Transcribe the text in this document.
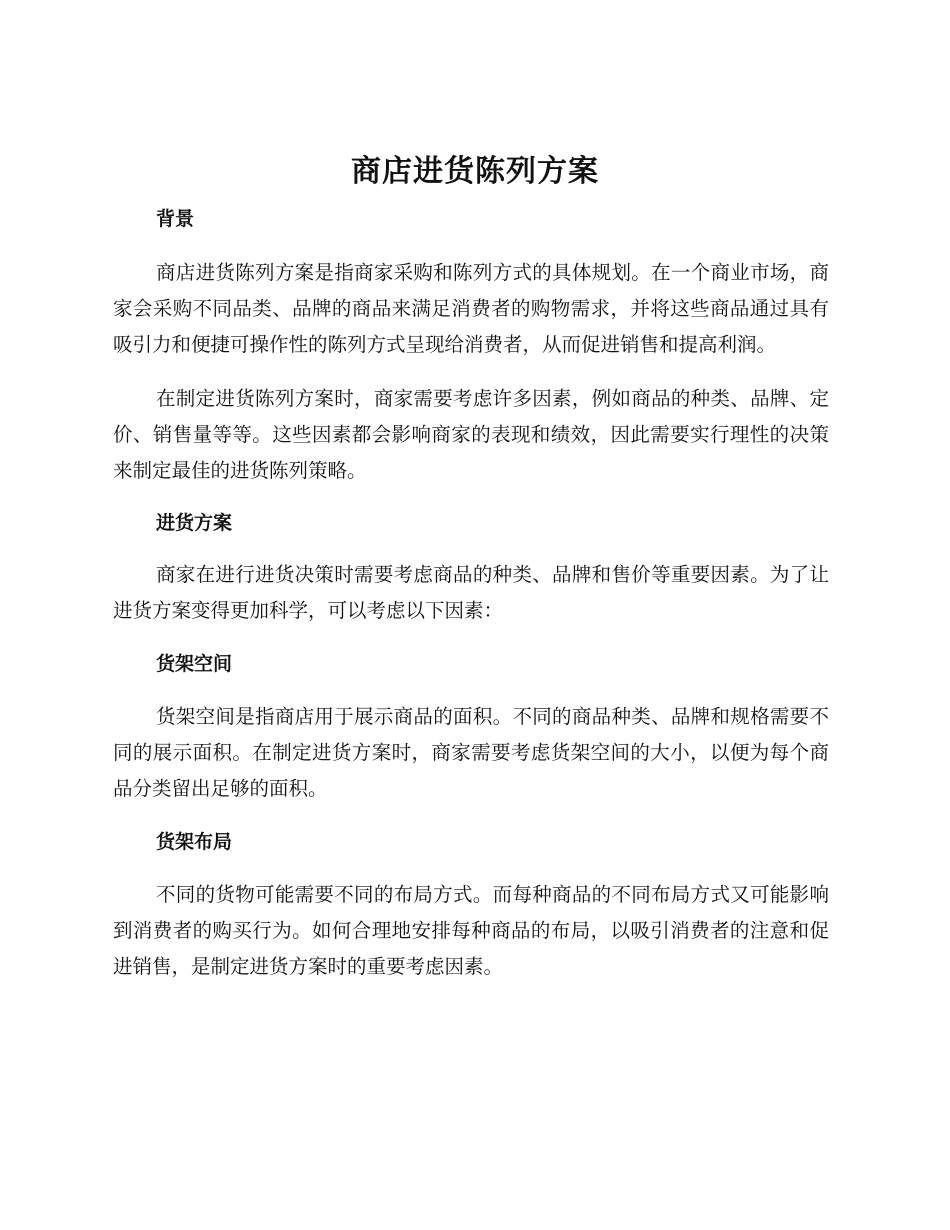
商店进货陈列方案
背景

商店进货陈列方案是指商家采购和陈列方式的具体规划。在一个商业市场，商家会采购不同品类、品牌的商品来满足消费者的购物需求，并将这些商品通过具有吸引力和便捷可操作性的陈列方式呈现给消费者，从而促进销售和提高利润。

在制定进货陈列方案时，商家需要考虑许多因素，例如商品的种类、品牌、定价、销售量等等。这些因素都会影响商家的表现和绩效，因此需要实行理性的决策来制定最佳的进货陈列策略。

进货方案

商家在进行进货决策时需要考虑商品的种类、品牌和售价等重要因素。为了让进货方案变得更加科学，可以考虑以下因素：

货架空间

货架空间是指商店用于展示商品的面积。不同的商品种类、品牌和规格需要不同的展示面积。在制定进货方案时，商家需要考虑货架空间的大小，以便为每个商品分类留出足够的面积。

货架布局

不同的货物可能需要不同的布局方式。而每种商品的不同布局方式又可能影响到消费者的购买行为。如何合理地安排每种商品的布局，以吸引消费者的注意和促进销售，是制定进货方案时的重要考虑因素。
